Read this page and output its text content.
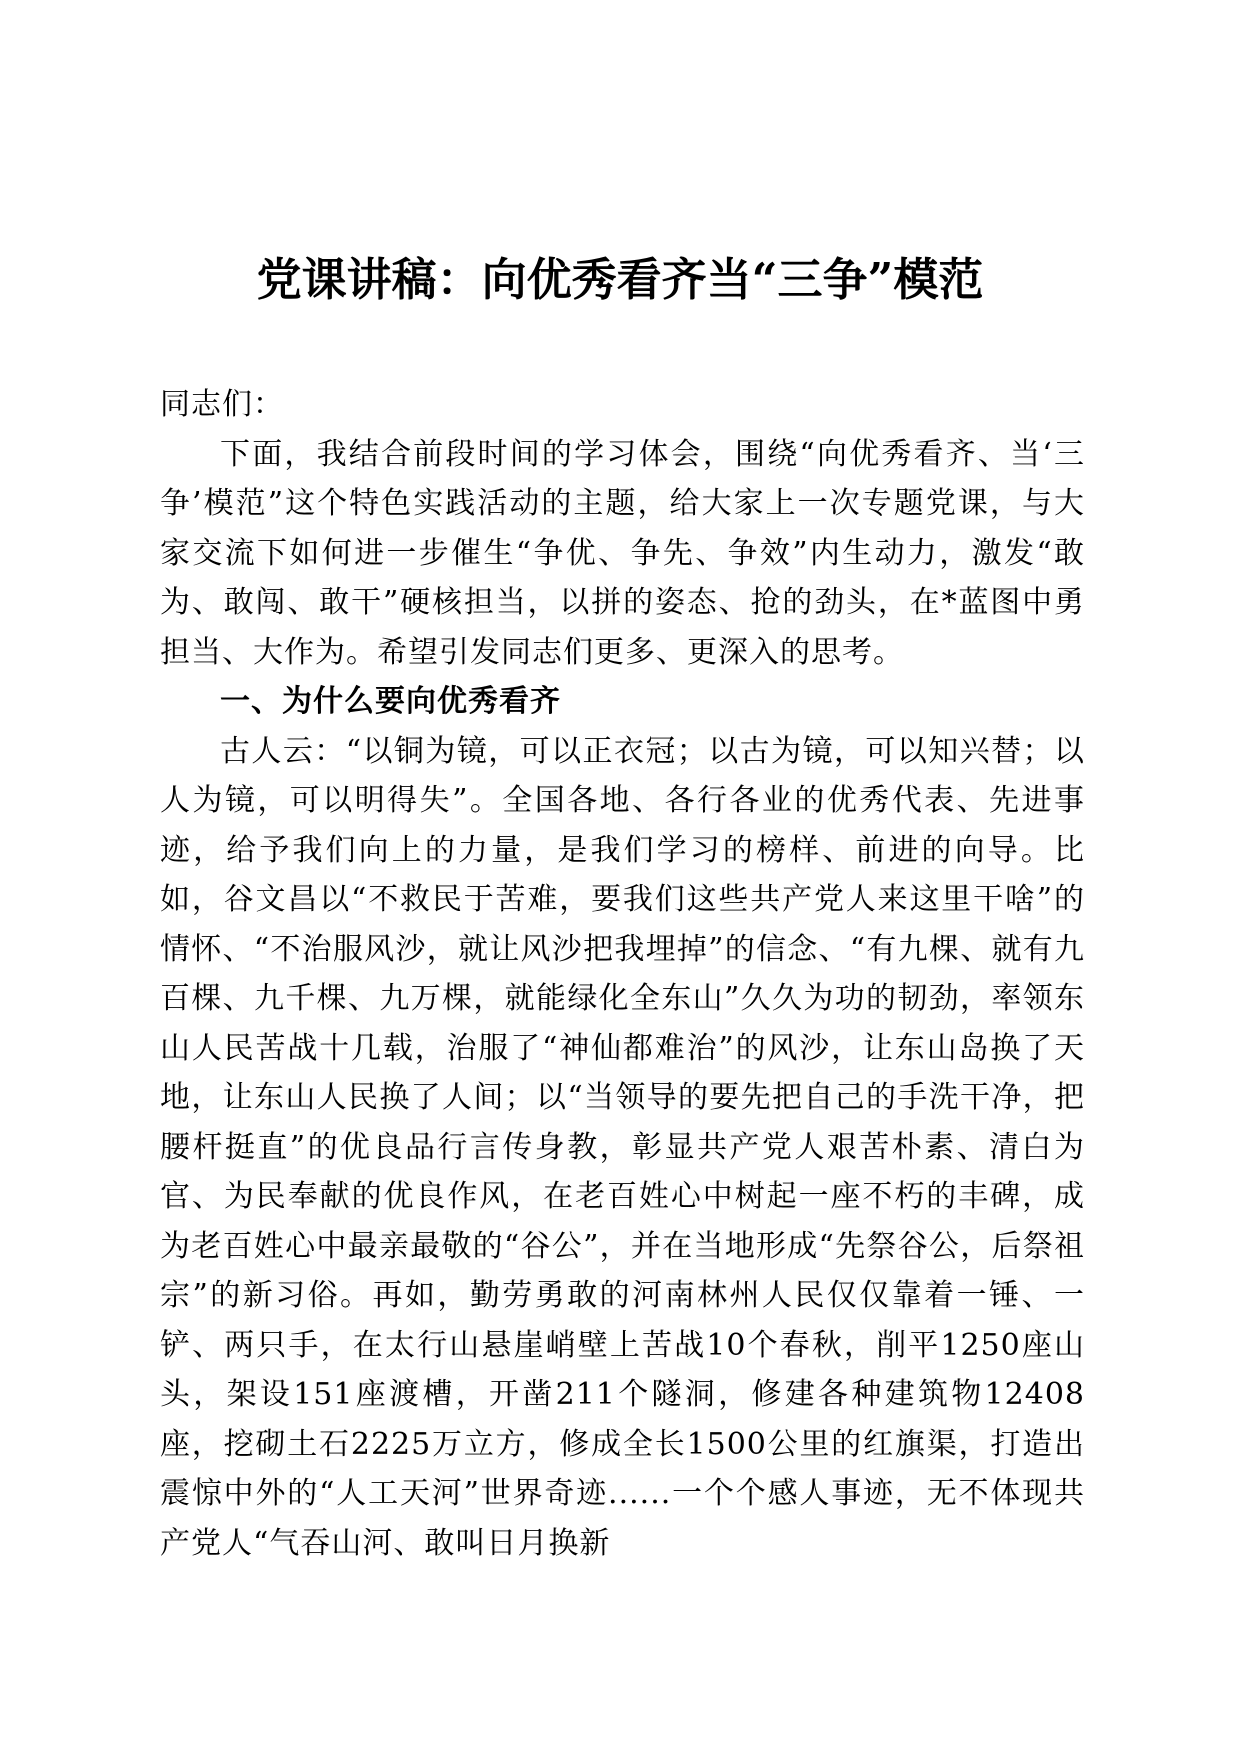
党课讲稿：向优秀看齐当“三争”模范

同志们：

下面，我结合前段时间的学习体会，围绕“向优秀看齐、当‘三争’模范”这个特色实践活动的主题，给大家上一次专题党课，与大家交流下如何进一步催生“争优、争先、争效”内生动力，激发“敢为、敢闯、敢干”硬核担当，以拼的姿态、抢的劲头，在*蓝图中勇担当、大作为。希望引发同志们更多、更深入的思考。

一、为什么要向优秀看齐

古人云：“以铜为镜，可以正衣冠；以古为镜，可以知兴替；以人为镜，可以明得失”。全国各地、各行各业的优秀代表、先进事迹，给予我们向上的力量，是我们学习的榜样、前进的向导。比如，谷文昌以“不救民于苦难，要我们这些共产党人来这里干啥”的情怀、“不治服风沙，就让风沙把我埋掉”的信念、“有九棵、就有九百棵、九千棵、九万棵，就能绿化全东山”久久为功的韧劲，率领东山人民苦战十几载，治服了“神仙都难治”的风沙，让东山岛换了天地，让东山人民换了人间；以“当领导的要先把自己的手洗干净，把腰杆挺直”的优良品行言传身教，彰显共产党人艰苦朴素、清白为官、为民奉献的优良作风，在老百姓心中树起一座不朽的丰碑，成为老百姓心中最亲最敬的“谷公”，并在当地形成“先祭谷公，后祭祖宗”的新习俗。再如，勤劳勇敢的河南林州人民仅仅靠着一锤、一铲、两只手，在太行山悬崖峭壁上苦战10个春秋，削平1250座山头，架设151座渡槽，开凿211个隧洞，修建各种建筑物12408座，挖砌土石2225万立方，修成全长1500公里的红旗渠，打造出震惊中外的“人工天河”世界奇迹......一个个感人事迹，无不体现共产党人“气吞山河、敢叫日月换新
